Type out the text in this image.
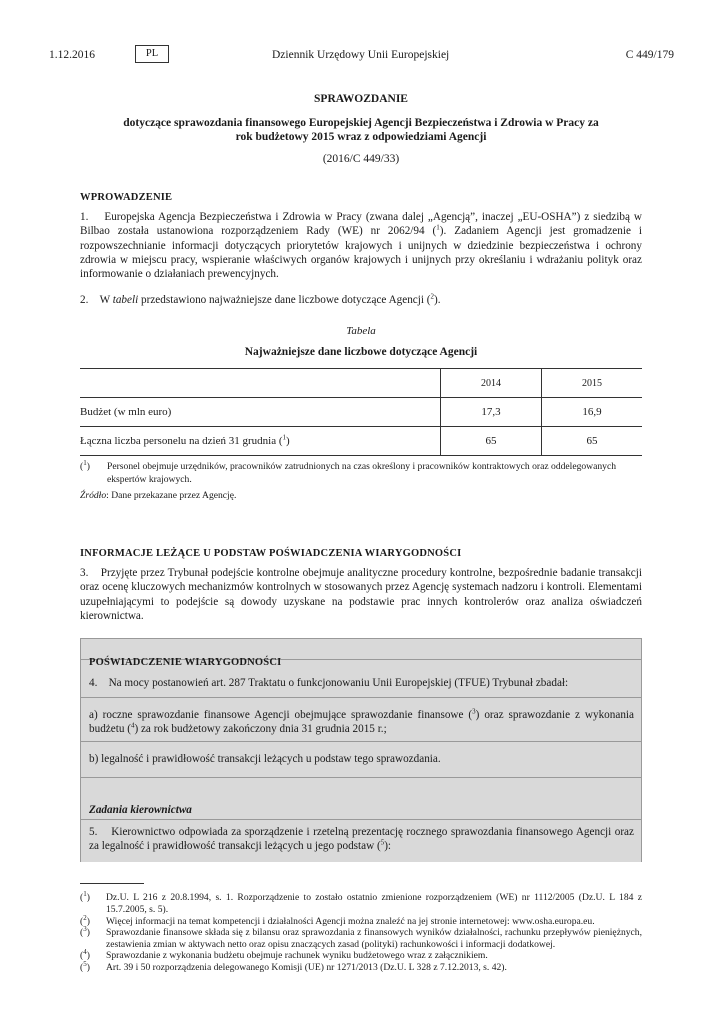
1.12.2016	PL	Dziennik Urzędowy Unii Europejskiej	C 449/179
SPRAWOZDANIE
dotyczące sprawozdania finansowego Europejskiej Agencji Bezpieczeństwa i Zdrowia w Pracy za
rok budżetowy 2015 wraz z odpowiedziami Agencji
(2016/C 449/33)
WPROWADZENIE
1.    Europejska Agencja Bezpieczeństwa i Zdrowia w Pracy (zwana dalej „Agencją”, inaczej „EU-OSHA”) z siedzibą w Bilbao została ustanowiona rozporządzeniem Rady (WE) nr 2062/94 ($^1$). Zadaniem Agencji jest gromadzenie i rozpowszechnianie informacji dotyczących priorytetów krajowych i unijnych w dziedzinie bezpieczeństwa i ochrony zdrowia w miejscu pracy, wspieranie właściwych organów krajowych i unijnych przy określaniu i wdrażaniu polityk oraz informowanie o działaniach prewencyjnych.
2.    W tabeli przedstawiono najważniejsze dane liczbowe dotyczące Agencji ($^2$).
Tabela
Najważniejsze dane liczbowe dotyczące Agencji
	2014	2015
Budżet (w mln euro)	17,3	16,9
Łączna liczba personelu na dzień 31 grudnia ($^1$)	65	65
($^1$) Personel obejmuje urzędników, pracowników zatrudnionych na czas określony i pracowników kontraktowych oraz oddelegowanych ekspertów krajowych.
Źródło: Dane przekazane przez Agencję.
INFORMACJE LEŻĄCE U PODSTAW POŚWIADCZENIA WIARYGODNOŚCI
3.    Przyjęte przez Trybunał podejście kontrolne obejmuje analityczne procedury kontrolne, bezpośrednie badanie transakcji oraz ocenę kluczowych mechanizmów kontrolnych w stosowanych przez Agencję systemach nadzoru i kontroli. Elementami uzupełniającymi to podejście są dowody uzyskane na podstawie prac innych kontrolerów oraz analiza oświadczeń kierownictwa.
POŚWIADCZENIE WIARYGODNOŚCI
4.    Na mocy postanowień art. 287 Traktatu o funkcjonowaniu Unii Europejskiej (TFUE) Trybunał zbadał:
a) roczne sprawozdanie finansowe Agencji obejmujące sprawozdanie finansowe ($^3$) oraz sprawozdanie z wykonania budżetu ($^4$) za rok budżetowy zakończony dnia 31 grudnia 2015 r.;
b) legalność i prawidłowość transakcji leżących u podstaw tego sprawozdania.
Zadania kierownictwa
5.    Kierownictwo odpowiada za sporządzenie i rzetelną prezentację rocznego sprawozdania finansowego Agencji oraz za legalność i prawidłowość transakcji leżących u jego podstaw ($^5$):
($^1$) Dz.U. L 216 z 20.8.1994, s. 1. Rozporządzenie to zostało ostatnio zmienione rozporządzeniem (WE) nr 1112/2005 (Dz.U. L 184 z 15.7.2005, s. 5).
($^2$) Więcej informacji na temat kompetencji i działalności Agencji można znaleźć na jej stronie internetowej: www.osha.europa.eu.
($^3$) Sprawozdanie finansowe składa się z bilansu oraz sprawozdania z finansowych wyników działalności, rachunku przepływów pieniężnych, zestawienia zmian w aktywach netto oraz opisu znaczących zasad (polityki) rachunkowości i informacji dodatkowej.
($^4$) Sprawozdanie z wykonania budżetu obejmuje rachunek wyniku budżetowego wraz z załącznikiem.
($^5$) Art. 39 i 50 rozporządzenia delegowanego Komisji (UE) nr 1271/2013 (Dz.U. L 328 z 7.12.2013, s. 42).
